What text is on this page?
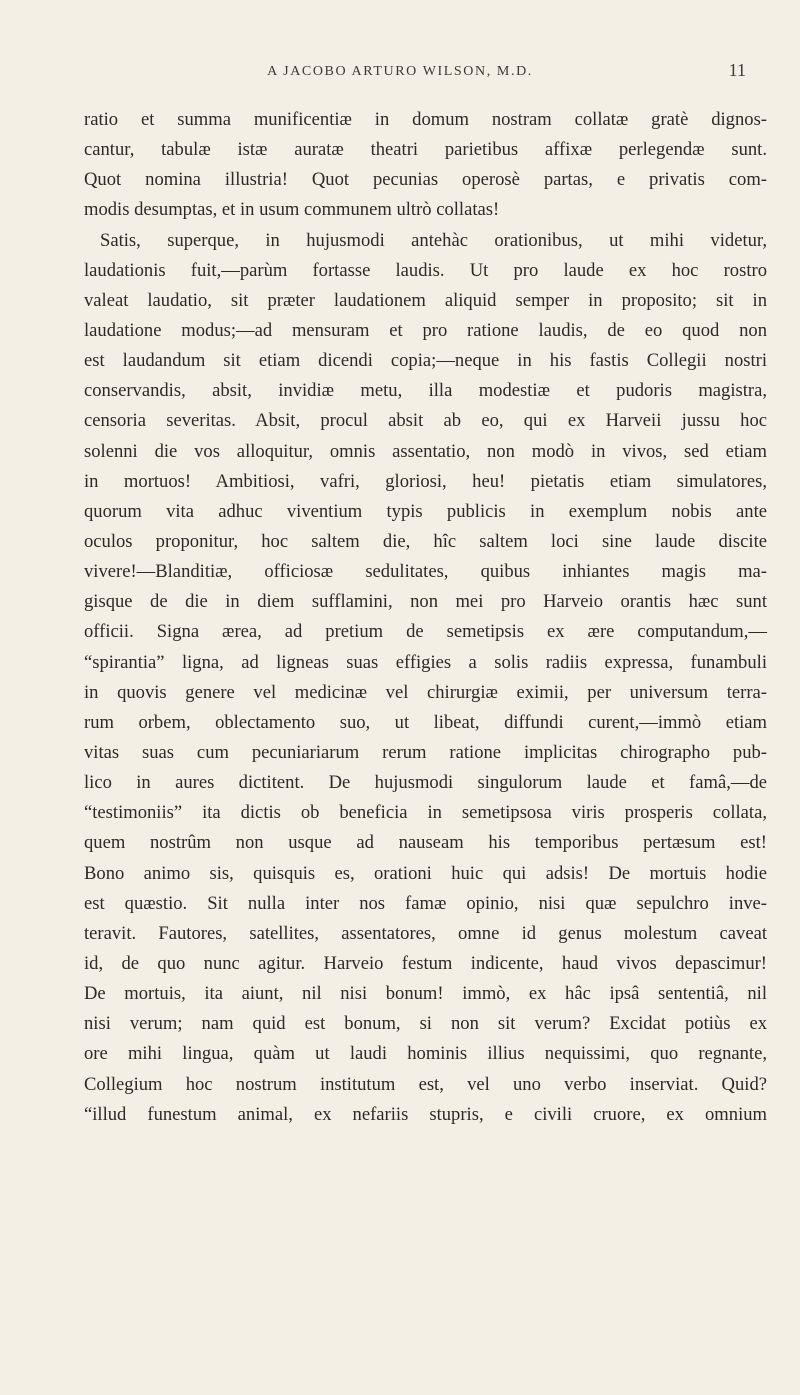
A JACOBO ARTURO WILSON, M.D.	11
ratio et summa munificentiæ in domum nostram collatæ gratè dignos-
cantur, tabulæ istæ auratæ theatri parietibus affixæ perlegendæ sunt.
Quot nomina illustria! Quot pecunias operosè partas, e privatis com-
modis desumptas, et in usum communem ultrò collatas!
Satis, superque, in hujusmodi antehàc orationibus, ut mihi videtur,
laudationis fuit,—parùm fortasse laudis. Ut pro laude ex hoc rostro
valeat laudatio, sit præter laudationem aliquid semper in proposito; sit in
laudatione modus;—ad mensuram et pro ratione laudis, de eo quod non
est laudandum sit etiam dicendi copia;—neque in his fastis Collegii nostri
conservandis, absit, invidiæ metu, illa modestiæ et pudoris magistra,
censoria severitas. Absit, procul absit ab eo, qui ex Harveii jussu hoc
solenni die vos alloquitur, omnis assentatio, non modò in vivos, sed etiam
in mortuos! Ambitiosi, vafri, gloriosi, heu! pietatis etiam simulatores,
quorum vita adhuc viventium typis publicis in exemplum nobis ante
oculos proponitur, hoc saltem die, hîc saltem loci sine laude discite
vivere!—Blanditiæ, officiosæ sedulitates, quibus inhiantes magis ma-
gisque de die in diem sufflamini, non mei pro Harveio orantis hæc sunt
officii. Signa ærea, ad pretium de semetipsis ex ære computandum,—
“spirantia” ligna, ad ligneas suas effigies a solis radiis expressa, funambuli
in quovis genere vel medicinæ vel chirurgiæ eximii, per universum terra-
rum orbem, oblectamento suo, ut libeat, diffundi curent,—immò etiam
vitas suas cum pecuniariarum rerum ratione implicitas chirographo pub-
lico in aures dictitent. De hujusmodi singulorum laude et famâ,—de
“testimoniis” ita dictis ob beneficia in semetipsosa viris prosperis collata,
quem nostrûm non usque ad nauseam his temporibus pertæsum est!
Bono animo sis, quisquis es, orationi huic qui adsis! De mortuis hodie
est quæstio. Sit nulla inter nos famæ opinio, nisi quæ sepulchro inve-
teravit. Fautores, satellites, assentatores, omne id genus molestum caveat
id, de quo nunc agitur. Harveio festum indicente, haud vivos depascimur!
De mortuis, ita aiunt, nil nisi bonum! immò, ex hâc ipsâ sententiâ, nil
nisi verum; nam quid est bonum, si non sit verum? Excidat potiùs ex
ore mihi lingua, quàm ut laudi hominis illius nequissimi, quo regnante,
Collegium hoc nostrum institutum est, vel uno verbo inserviat. Quid?
“illud funestum animal, ex nefariis stupris, e civili cruore, ex omnium
